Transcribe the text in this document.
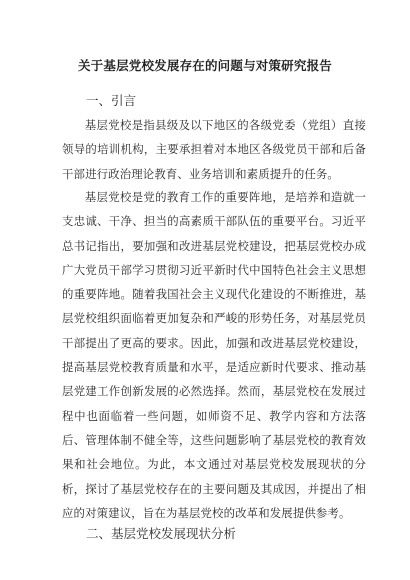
关于基层党校发展存在的问题与对策研究报告
一、引言

基层党校是指县级及以下地区的各级党委（党组）直接领导的培训机构，主要承担着对本地区各级党员干部和后备干部进行政治理论教育、业务培训和素质提升的任务。

基层党校是党的教育工作的重要阵地，是培养和造就一支忠诚、干净、担当的高素质干部队伍的重要平台。习近平总书记指出，要加强和改进基层党校建设，把基层党校办成广大党员干部学习贯彻习近平新时代中国特色社会主义思想的重要阵地。随着我国社会主义现代化建设的不断推进，基层党校组织面临着更加复杂和严峻的形势任务，对基层党员干部提出了更高的要求。因此，加强和改进基层党校建设，提高基层党校教育质量和水平，是适应新时代要求、推动基层党建工作创新发展的必然选择。然而，基层党校在发展过程中也面临着一些问题，如师资不足、教学内容和方法落后、管理体制不健全等，这些问题影响了基层党校的教育效果和社会地位。为此，本文通过对基层党校发展现状的分析，探讨了基层党校存在的主要问题及其成因，并提出了相应的对策建议，旨在为基层党校的改革和发展提供参考。

二、基层党校发展现状分析
